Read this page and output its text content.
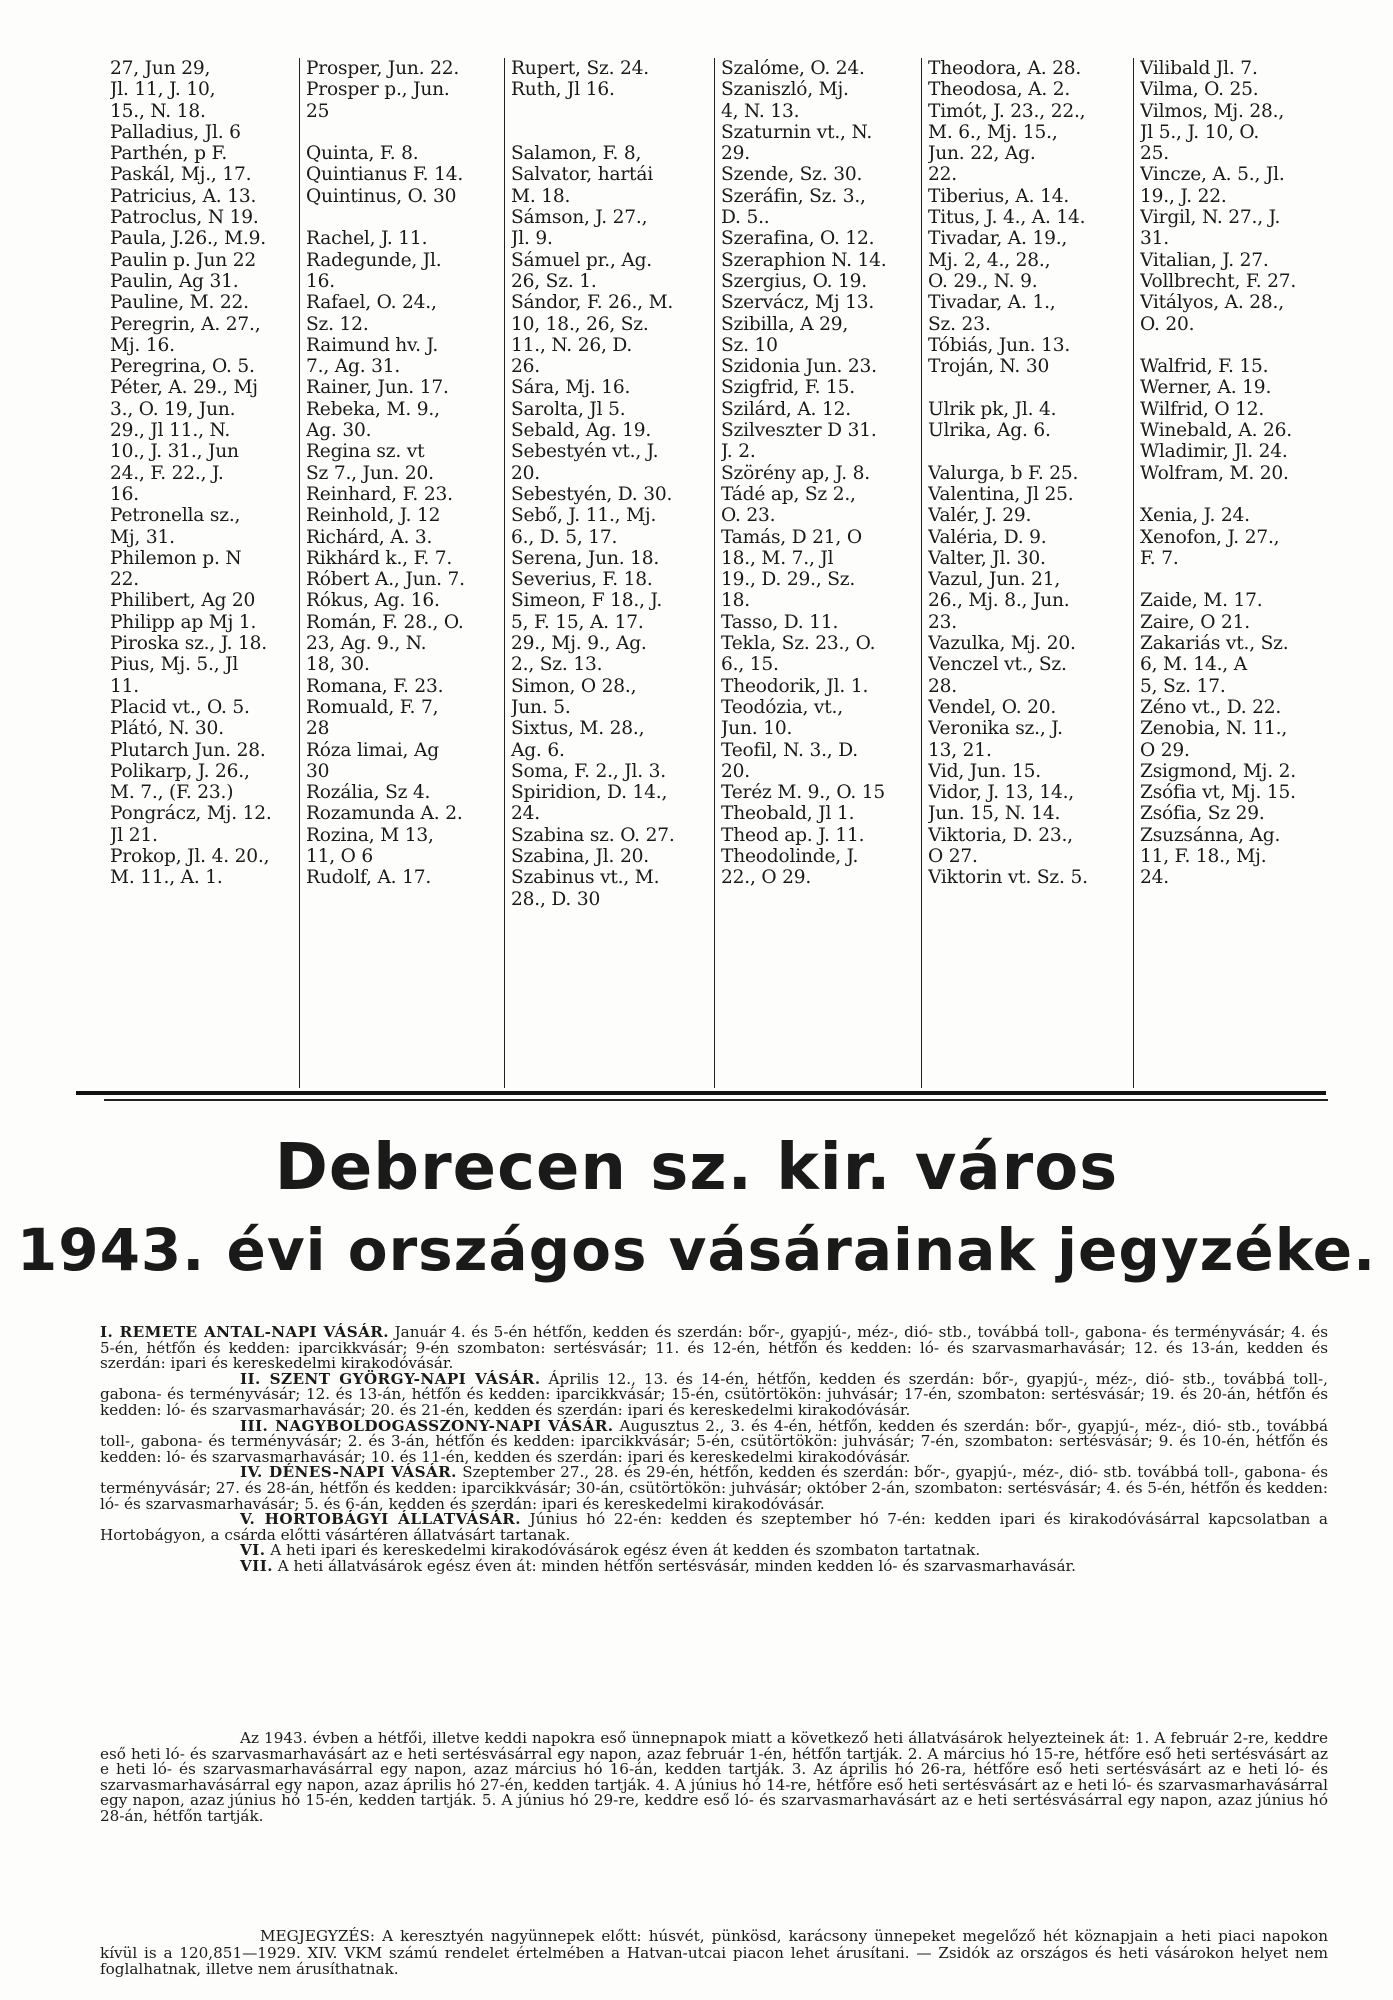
27, Jun 29,
Jl. 11, J. 10,
15., N. 18.
Palladius, Jl. 6
Parthén, p F.
Paskál, Mj., 17.
Patricius, A. 13.
Patroclus, N 19.
Paula, J.26., M.9.
Paulin p. Jun 22
Paulin, Ag 31.
Pauline, M. 22.
Peregrin, A. 27.,
Mj. 16.
Peregrina, O. 5.
Péter, A. 29., Mj
3., O. 19, Jun.
29., Jl 11., N.
10., J. 31., Jun
24., F. 22., J.
16.
Petronella sz.,
Mj, 31.
Philemon p. N
22.
Philibert, Ag 20
Philipp ap Mj 1.
Piroska sz., J. 18.
Pius, Mj. 5., Jl
11.
Placid vt., O. 5.
Plátó, N. 30.
Plutarch Jun. 28.
Polikarp, J. 26.,
M. 7., (F. 23.)
Pongrácz, Mj. 12.
Jl 21.
Prokop, Jl. 4. 20.,
M. 11., A. 1.
Prosper, Jun. 22.
Prosper p., Jun.
25

Quinta, F. 8.
Quintianus F. 14.
Quintinus, O. 30

Rachel, J. 11.
Radegunde, Jl.
16.
Rafael, O. 24.,
Sz. 12.
Raimund hv. J.
7., Ag. 31.
Rainer, Jun. 17.
Rebeka, M. 9.,
Ag. 30.
Regina sz. vt
Sz 7., Jun. 20.
Reinhard, F. 23.
Reinhold, J. 12
Richárd, A. 3.
Rikhárd k., F. 7.
Róbert A., Jun. 7.
Rókus, Ag. 16.
Román, F. 28., O.
23, Ag. 9., N.
18, 30.
Romana, F. 23.
Romuald, F. 7,
28
Róza limai, Ag
30
Rozália, Sz 4.
Rozamunda A. 2.
Rozina, M 13,
11, O 6
Rudolf, A. 17.
Rupert, Sz. 24.
Ruth, Jl 16.

Salamon, F. 8,
Salvator, hartái
M. 18.
Sámson, J. 27.,
Jl. 9.
Sámuel pr., Ag.
26, Sz. 1.
Sándor, F. 26., M.
10, 18., 26, Sz.
11., N. 26, D.
26.
Sára, Mj. 16.
Sarolta, Jl 5.
Sebald, Ag. 19.
Sebestyén vt., J.
20.
Sebestyén, D. 30.
Sebő, J. 11., Mj.
6., D. 5, 17.
Serena, Jun. 18.
Severius, F. 18.
Simeon, F 18., J.
5, F. 15, A. 17.
29., Mj. 9., Ag.
2., Sz. 13.
Simon, O 28.,
Jun. 5.
Sixtus, M. 28.,
Ag. 6.
Soma, F. 2., Jl. 3.
Spiridion, D. 14.,
24.
Szabina sz. O. 27.
Szabina, Jl. 20.
Szabinus vt., M.
28., D. 30
Szalóme, O. 24.
Szaniszló, Mj.
4, N. 13.
Szaturnin vt., N.
29.
Szende, Sz. 30.
Szeráfin, Sz. 3.,
D. 5..
Szerafina, O. 12.
Szeraphion N. 14.
Szergius, O. 19.
Szervácz, Mj 13.
Szibilla, A 29,
Sz. 10
Szidonia Jun. 23.
Szigfrid, F. 15.
Szilárd, A. 12.
Szilveszter D 31.
J. 2.
Szörény ap, J. 8.
Tádé ap, Sz 2.,
O. 23.
Tamás, D 21, O
18., M. 7., Jl
19., D. 29., Sz.
18.
Tasso, D. 11.
Tekla, Sz. 23., O.
6., 15.
Theodorik, Jl. 1.
Teodózia, vt.,
Jun. 10.
Teofil, N. 3., D.
20.
Teréz M. 9., O. 15
Theobald, Jl 1.
Theod ap. J. 11.
Theodolinde, J.
22., O 29.
Theodora, A. 28.
Theodosa, A. 2.
Timót, J. 23., 22.,
M. 6., Mj. 15.,
Jun. 22, Ag.
22.
Tiberius, A. 14.
Titus, J. 4., A. 14.
Tivadar, A. 19.,
Mj. 2, 4., 28.,
O. 29., N. 9.
Tivadar, A. 1.,
Sz. 23.
Tóbiás, Jun. 13.
Troján, N. 30

Ulrik pk, Jl. 4.
Ulrika, Ag. 6.

Valurga, b F. 25.
Valentina, Jl 25.
Valér, J. 29.
Valéria, D. 9.
Valter, Jl. 30.
Vazul, Jun. 21,
26., Mj. 8., Jun.
23.
Vazulka, Mj. 20.
Venczel vt., Sz.
28.
Vendel, O. 20.
Veronika sz., J.
13, 21.
Vid, Jun. 15.
Vidor, J. 13, 14.,
Jun. 15, N. 14.
Viktoria, D. 23.,
O 27.
Viktorin vt. Sz. 5.
Vilibald Jl. 7.
Vilma, O. 25.
Vilmos, Mj. 28.,
Jl 5., J. 10, O.
25.
Vincze, A. 5., Jl.
19., J. 22.
Virgil, N. 27., J.
31.
Vitalian, J. 27.
Vollbrecht, F. 27.
Vitályos, A. 28.,
O. 20.

Walfrid, F. 15.
Werner, A. 19.
Wilfrid, O 12.
Winebald, A. 26.
Wladimir, Jl. 24.
Wolfram, M. 20.

Xenia, J. 24.
Xenofon, J. 27.,
F. 7.

Zaide, M. 17.
Zaire, O 21.
Zakariás vt., Sz.
6, M. 14., A
5, Sz. 17.
Zéno vt., D. 22.
Zenobia, N. 11.,
O 29.
Zsigmond, Mj. 2.
Zsófia vt, Mj. 15.
Zsófia, Sz 29.
Zsuzsánna, Ag.
11, F. 18., Mj.
24.
Debrecen sz. kir. város
1943. évi országos vásárainak jegyzéke.

I. REMETE ANTAL-NAPI VÁSÁR. Január 4. és 5-én hétfőn, kedden és szerdán: bőr-, gyapjú-, méz-, dió- stb., továbbá toll-, gabona- és terményvásár; 4. és 5-én, hétfőn és kedden: iparcikkvásár; 9-én szombaton: sertésvásár; 11. és 12-én, hétfőn és kedden: ló- és szarvasmarhavásár; 12. és 13-án, kedden és szerdán: ipari és kereskedelmi kirakodóvásár.

II. SZENT GYÖRGY-NAPI VÁSÁR. Április 12., 13. és 14-én, hétfőn, kedden és szerdán: bőr-, gyapjú-, méz-, dió- stb., továbbá toll-, gabona- és terményvásár; 12. és 13-án, hétfőn és kedden: iparcikkvásár; 15-én, csütörtökön: juhvásár; 17-én, szombaton: sertésvásár; 19. és 20-án, hétfőn és kedden: ló- és szarvasmarhavásár; 20. és 21-én, kedden és szerdán: ipari és kereskedelmi kirakodóvásár.

III. NAGYBOLDOGASSZONY-NAPI VÁSÁR. Augusztus 2., 3. és 4-én, hétfőn, kedden és szerdán: bőr-, gyapjú-, méz-, dió- stb., továbbá toll-, gabona- és terményvásár; 2. és 3-án, hétfőn és kedden: iparcikkvásár; 5-én, csütörtökön: juhvásár; 7-én, szombaton: sertésvásár; 9. és 10-én, hétfőn és kedden: ló- és szarvasmarhavásár; 10. és 11-én, kedden és szerdán: ipari és kereskedelmi kirakodóvásár.

IV. DÉNES-NAPI VÁSÁR. Szeptember 27., 28. és 29-én, hétfőn, kedden és szerdán: bőr-, gyapjú-, méz-, dió- stb. továbbá toll-, gabona- és terményvásár; 27. és 28-án, hétfőn és kedden: iparcikkvásár; 30-án, csütörtökön: juhvásár; október 2-án, szombaton: sertésvásár; 4. és 5-én, hétfőn és kedden: ló- és szarvasmarhavásár; 5. és 6-án, kedden és szerdán: ipari és kereskedelmi kirakodóvásár.

V. HORTOBÁGYI ÁLLATVÁSÁR. Június hó 22-én: kedden és szeptember hó 7-én: kedden ipari és kirakodóvásárral kapcsolatban a Hortobágyon, a csárda előtti vásártéren állatvásárt tartanak.

VI. A heti ipari és kereskedelmi kirakodóvásárok egész éven át kedden és szombaton tartatnak.

VII. A heti állatvásárok egész éven át: minden hétfőn sertésvásár, minden kedden ló- és szarvasmarhavásár.

Az 1943. évben a hétfői, illetve keddi napokra eső ünnepnapok miatt a következő heti állatvásárok helyezteinek át: 1. A február 2-re, keddre eső heti ló- és szarvasmarhavásárt az e heti sertésvásárral egy napon, azaz február 1-én, hétfőn tartják. 2. A március hó 15-re, hétfőre eső heti sertésvásárt az e heti ló- és szarvasmarhavásárral egy napon, azaz március hó 16-án, kedden tartják. 3. Az április hó 26-ra, hétfőre eső heti sertésvásárt az e heti ló- és szarvasmarhavásárral egy napon, azaz április hó 27-én, kedden tartják. 4. A június hó 14-re, hétfőre eső heti sertésvásárt az e heti ló- és szarvasmarhavásárral egy napon, azaz június hó 15-én, kedden tartják. 5. A június hó 29-re, keddre eső ló- és szarvasmarhavásárt az e heti sertésvásárral egy napon, azaz június hó 28-án, hétfőn tartják.

MEGJEGYZÉS: A keresztyén nagyünnepek előtt: húsvét, pünkösd, karácsony ünnepeket megelőző hét köznapjain a heti piaci napokon kívül is a 120,851—1929. XIV. VKM számú rendelet értelmében a Hatvan-utcai piacon lehet árusítani. — Zsidók az országos és heti vásárokon helyet nem foglalhatnak, illetve nem árusíthatnak.
